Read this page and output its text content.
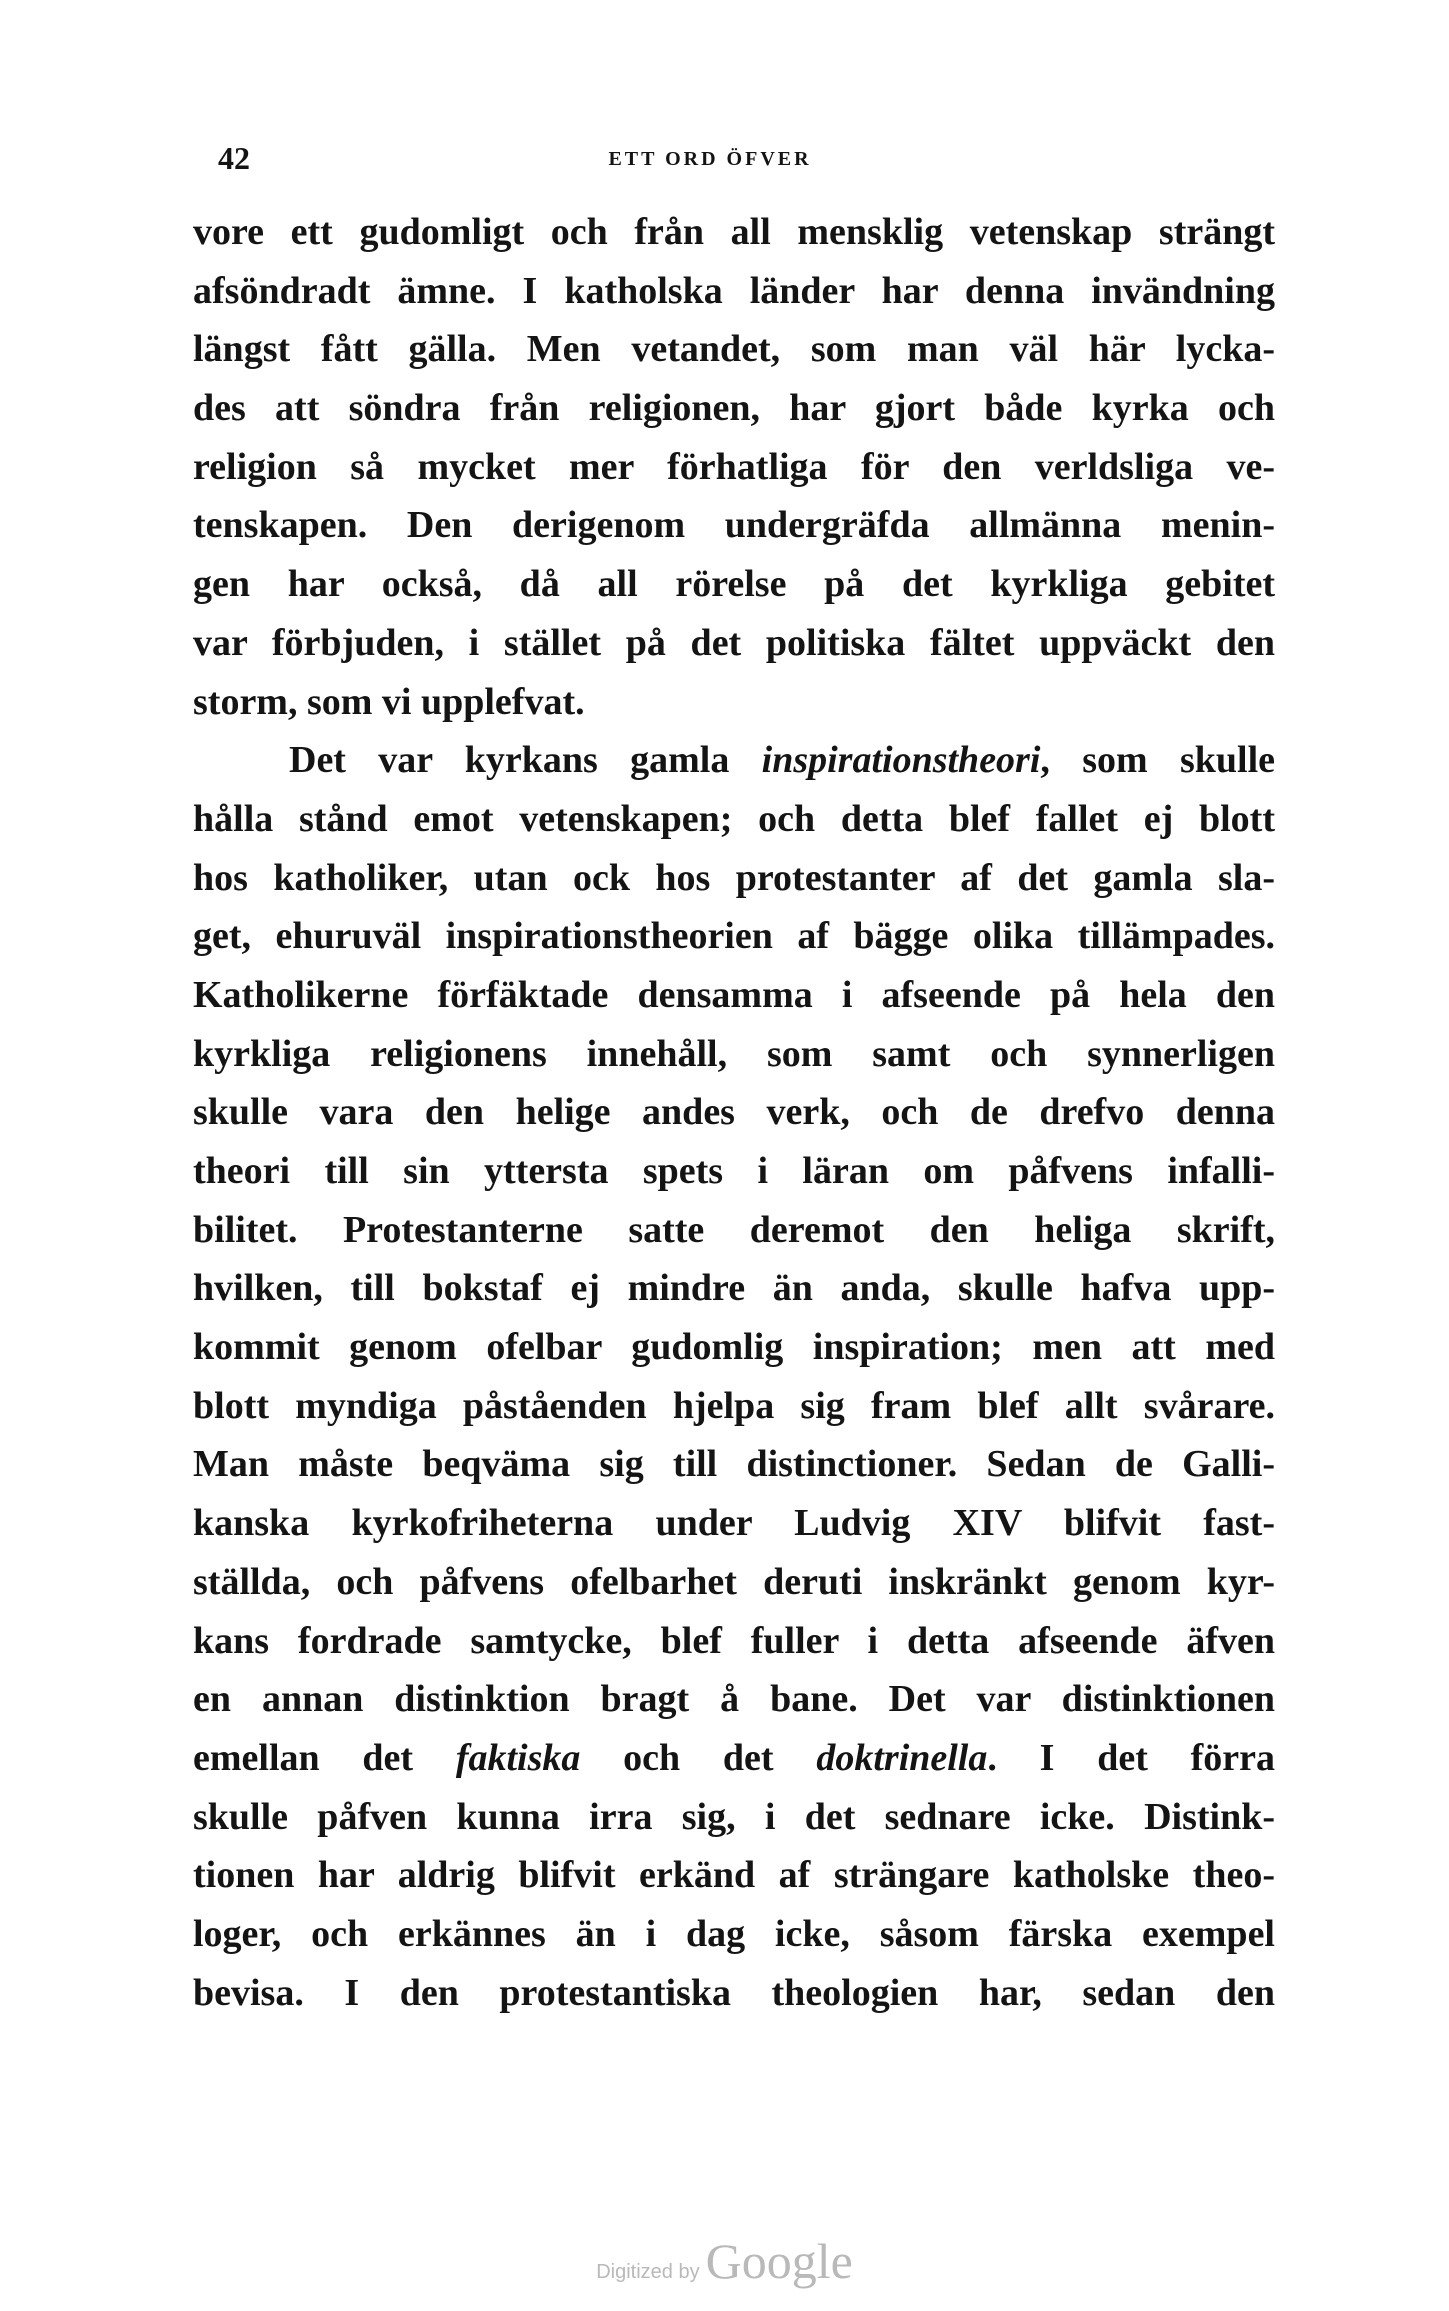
42	ETT ORD ÖFVER
vore ett gudomligt och från all mensklig vetenskap strängt
afsöndradt ämne. I katholska länder har denna invändning
längst fått gälla. Men vetandet, som man väl här lycka-
des att söndra från religionen, har gjort både kyrka och
religion så mycket mer förhatliga för den verldsliga ve-
tenskapen. Den derigenom undergräfda allmänna menin-
gen har också, då all rörelse på det kyrkliga gebitet
var förbjuden, i stället på det politiska fältet uppväckt den
storm, som vi upplefvat.
Det var kyrkans gamla inspirationstheori, som skulle
hålla stånd emot vetenskapen; och detta blef fallet ej blott
hos katholiker, utan ock hos protestanter af det gamla sla-
get, ehuruväl inspirationstheorien af bägge olika tillämpades.
Katholikerne förfäktade densamma i afseende på hela den
kyrkliga religionens innehåll, som samt och synnerligen
skulle vara den helige andes verk, och de drefvo denna
theori till sin yttersta spets i läran om påfvens infalli-
bilitet. Protestanterne satte deremot den heliga skrift,
hvilken, till bokstaf ej mindre än anda, skulle hafva upp-
kommit genom ofelbar gudomlig inspiration; men att med
blott myndiga påståenden hjelpa sig fram blef allt svårare.
Man måste beqväma sig till distinctioner. Sedan de Galli-
kanska kyrkofriheterna under Ludvig XIV blifvit fast-
ställda, och påfvens ofelbarhet deruti inskränkt genom kyr-
kans fordrade samtycke, blef fuller i detta afseende äfven
en annan distinktion bragt å bane. Det var distinktionen
emellan det faktiska och det doktrinella. I det förra
skulle påfven kunna irra sig, i det sednare icke. Distink-
tionen har aldrig blifvit erkänd af strängare katholske theo-
loger, och erkännes än i dag icke, såsom färska exempel
bevisa. I den protestantiska theologien har, sedan den
Digitized by Google
